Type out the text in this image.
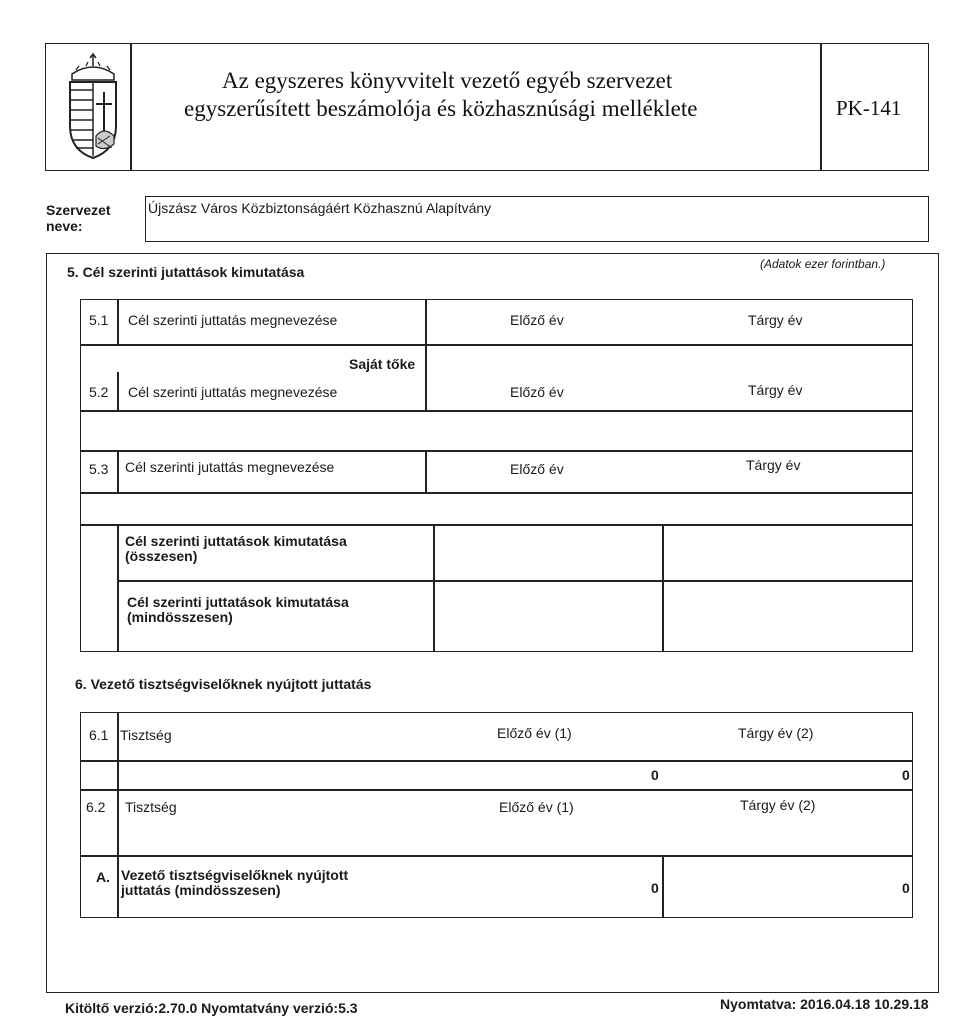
Az egyszeres könyvvitelt vezető egyéb szervezet
egyszerűsített beszámolója és közhasznúsági melléklete	PK-141
Szervezet
neve:
Újszász Város Közbiztonságáért Közhasznú Alapítvány
5. Cél szerinti jutattások kimutatása	(Adatok ezer forintban.)
5.1 Cél szerinti juttatás megnevezése	Előző év	Tárgy év
Saját tőke
5.2 Cél szerinti juttatás megnevezése	Előző év	Tárgy év
5.3 Cél szerinti jutattás megnevezése	Előző év	Tárgy év
Cél szerinti juttatások kimutatása
(összesen)
Cél szerinti juttatások kimutatása
(mindösszesen)
6. Vezető tisztségviselőknek nyújtott juttatás
6.1 Tisztség	Előző év (1)	Tárgy év (2)
0	0
6.2 Tisztség	Előző év (1)	Tárgy év (2)
A. Vezető tisztségviselőknek nyújtott
juttatás (mindösszesen)	0	0
Kitöltő verzió:2.70.0 Nyomtatvány verzió:5.3	Nyomtatva: 2016.04.18 10.29.18
